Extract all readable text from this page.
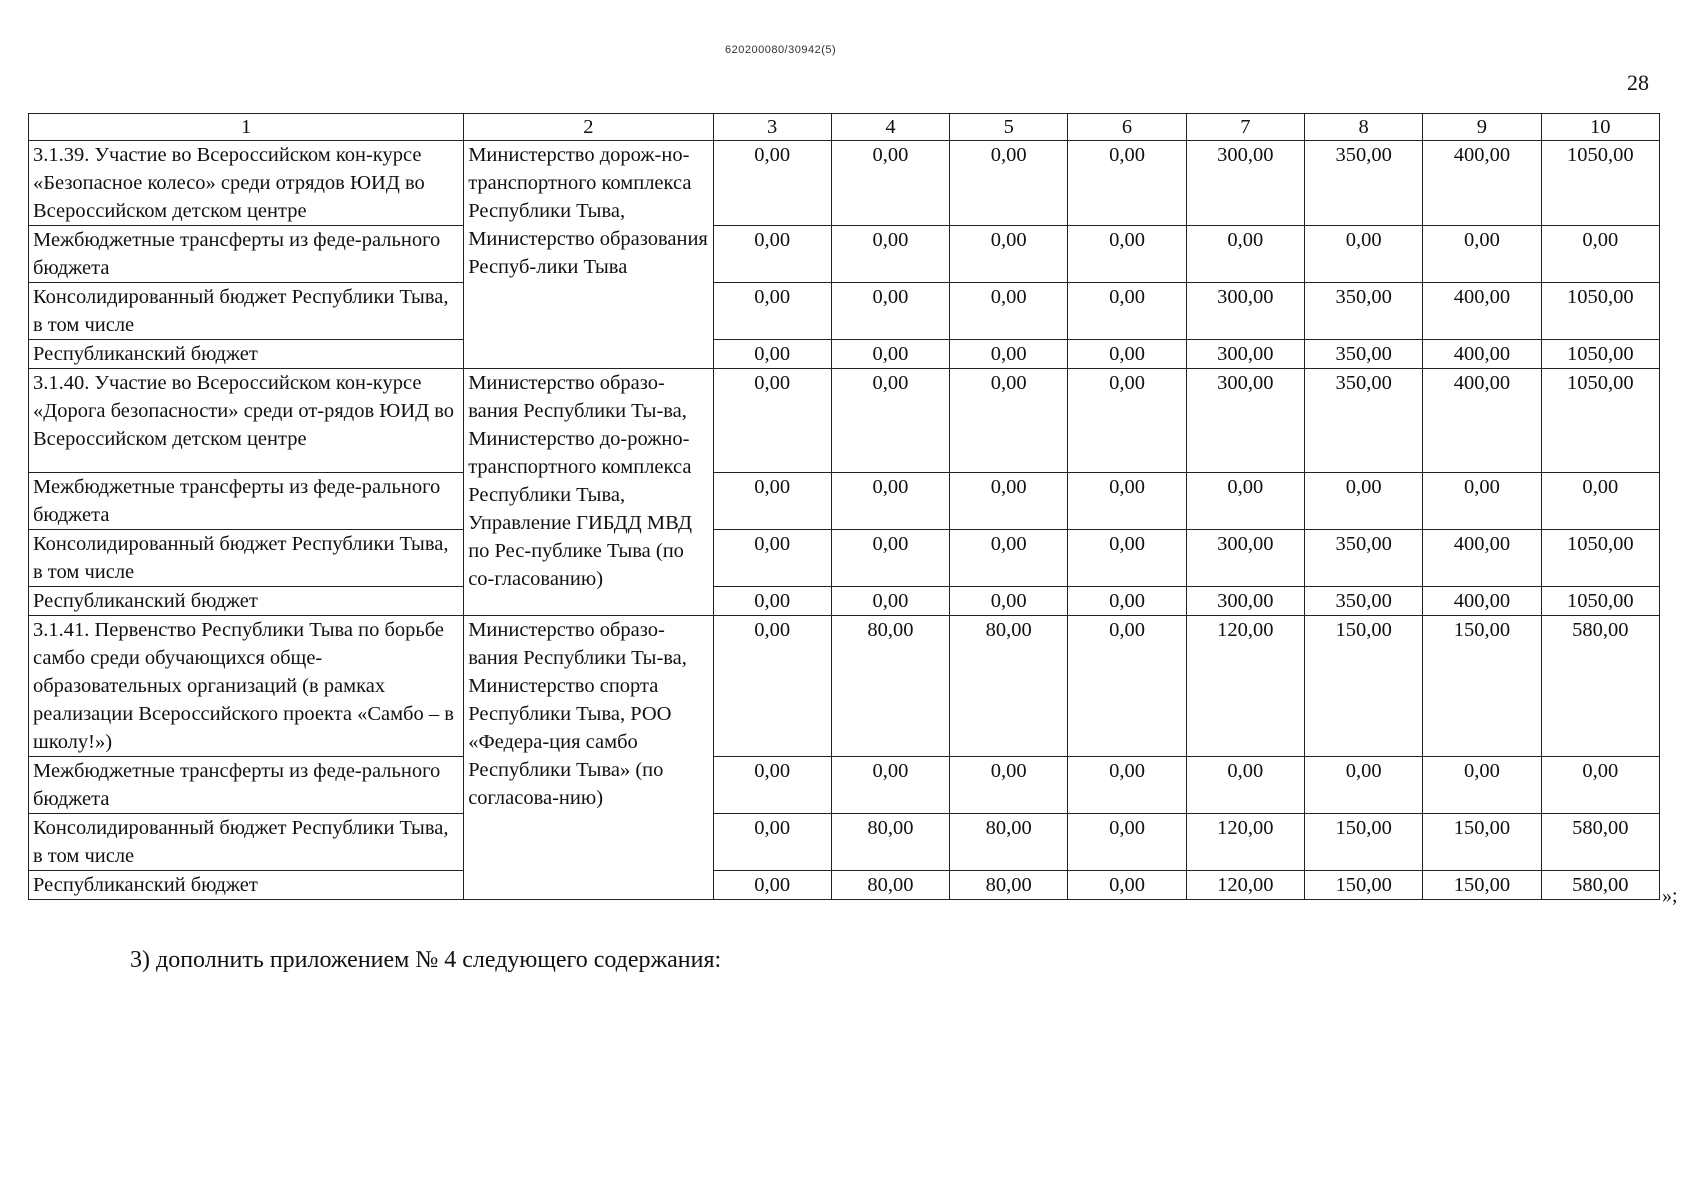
620200080/30942(5)
28
1	2	3	4	5	6	7	8	9	10
3.1.39. Участие во Всероссийском кон-курсе «Безопасное колесо» среди отрядов ЮИД во Всероссийском детском центре	Министерство дорож-но-транспортного комплекса Республики Тыва, Министерство образования Респуб-лики Тыва	0,00	0,00	0,00	0,00	300,00	350,00	400,00	1050,00
Межбюджетные трансферты из феде-рального бюджета		0,00	0,00	0,00	0,00	0,00	0,00	0,00	0,00
Консолидированный бюджет Республики Тыва, в том числе		0,00	0,00	0,00	0,00	300,00	350,00	400,00	1050,00
Республиканский бюджет		0,00	0,00	0,00	0,00	300,00	350,00	400,00	1050,00
3.1.40. Участие во Всероссийском кон-курсе «Дорога безопасности» среди от-рядов ЮИД во Всероссийском детском центре	Министерство образо-вания Республики Ты-ва, Министерство до-рожно-транспортного комплекса Республики Тыва, Управление ГИБДД МВД по Рес-публике Тыва (по со-гласованию)	0,00	0,00	0,00	0,00	300,00	350,00	400,00	1050,00
Межбюджетные трансферты из феде-рального бюджета		0,00	0,00	0,00	0,00	0,00	0,00	0,00	0,00
Консолидированный бюджет Республики Тыва, в том числе		0,00	0,00	0,00	0,00	300,00	350,00	400,00	1050,00
Республиканский бюджет		0,00	0,00	0,00	0,00	300,00	350,00	400,00	1050,00
3.1.41. Первенство Республики Тыва по борьбе самбо среди обучающихся обще-образовательных организаций (в рамках реализации Всероссийского проекта «Самбо – в школу!»)	Министерство образо-вания Республики Ты-ва, Министерство спорта Республики Тыва, РОО «Федера-ция самбо Республики Тыва» (по согласова-нию)	0,00	80,00	80,00	0,00	120,00	150,00	150,00	580,00
Межбюджетные трансферты из феде-рального бюджета		0,00	0,00	0,00	0,00	0,00	0,00	0,00	0,00
Консолидированный бюджет Республики Тыва, в том числе		0,00	80,00	80,00	0,00	120,00	150,00	150,00	580,00
Республиканский бюджет		0,00	80,00	80,00	0,00	120,00	150,00	150,00	580,00 »;
3) дополнить приложением № 4 следующего содержания:
